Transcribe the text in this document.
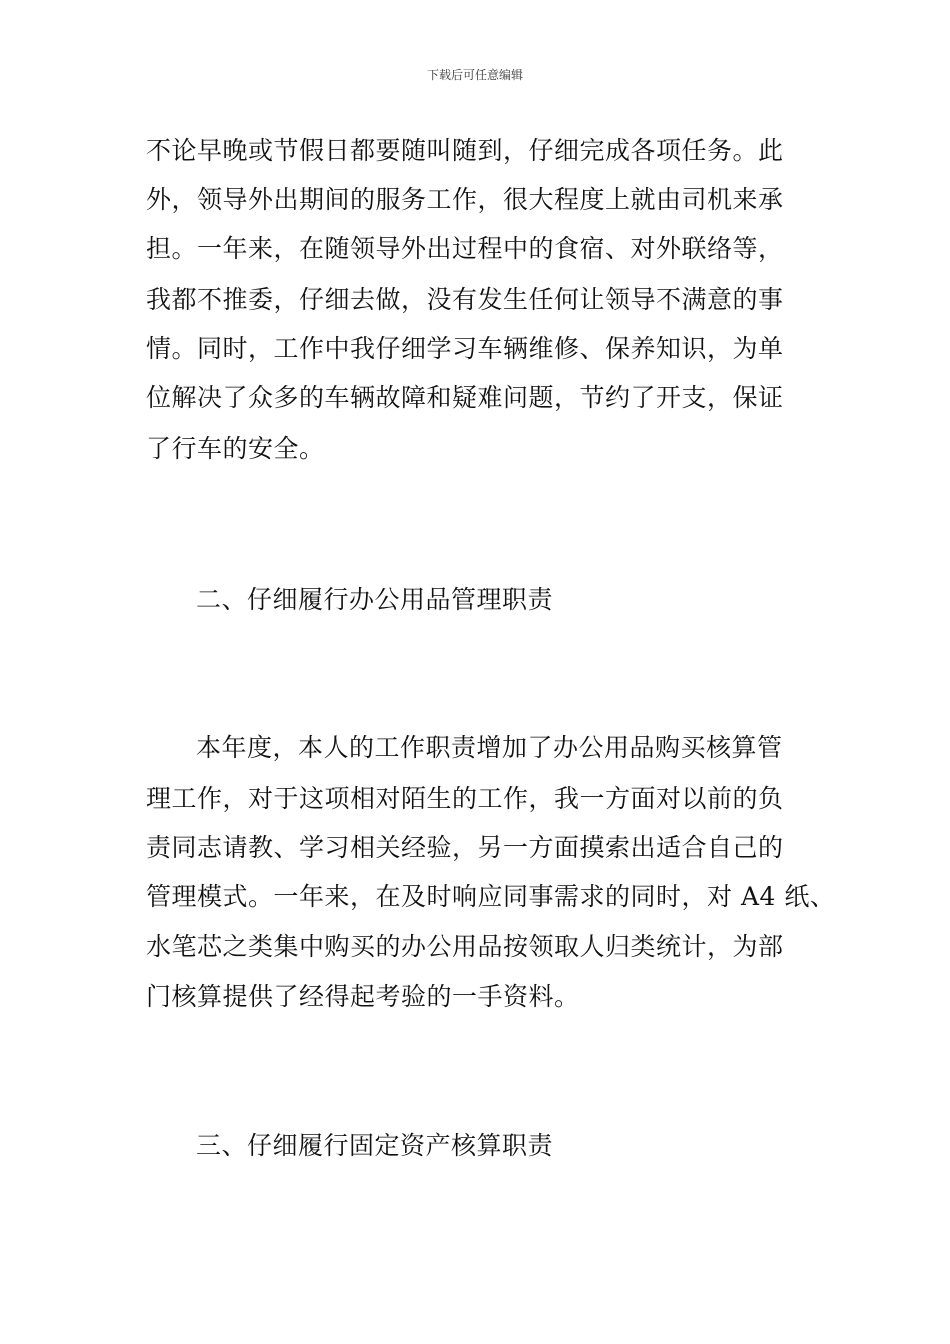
下载后可任意编辑
不论早晚或节假日都要随叫随到，仔细完成各项任务。此
外，领导外出期间的服务工作，很大程度上就由司机来承
担。一年来，在随领导外出过程中的食宿、对外联络等，
我都不推委，仔细去做，没有发生任何让领导不满意的事
情。同时，工作中我仔细学习车辆维修、保养知识，为单
位解决了众多的车辆故障和疑难问题，节约了开支，保证
了行车的安全。
二、仔细履行办公用品管理职责
本年度，本人的工作职责增加了办公用品购买核算管
理工作，对于这项相对陌生的工作，我一方面对以前的负
责同志请教、学习相关经验，另一方面摸索出适合自己的
管理模式。一年来，在及时响应同事需求的同时，对 A4 纸、
水笔芯之类集中购买的办公用品按领取人归类统计，为部
门核算提供了经得起考验的一手资料。
三、仔细履行固定资产核算职责
